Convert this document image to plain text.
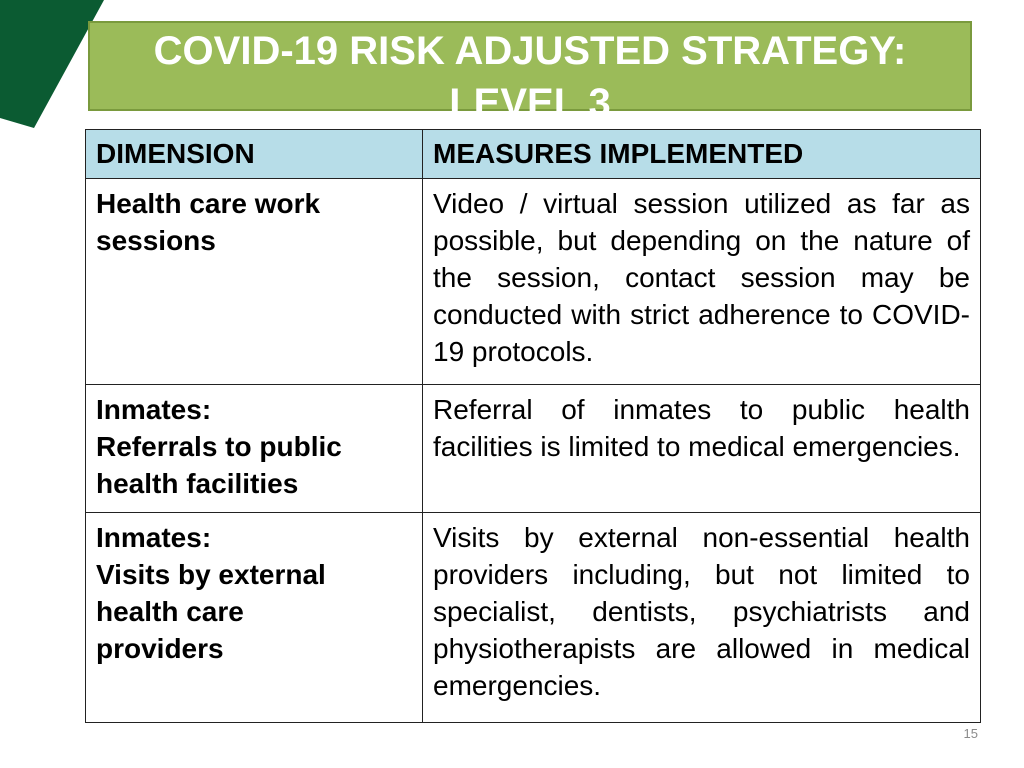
COVID-19 RISK ADJUSTED STRATEGY:
LEVEL 3
DIMENSION	MEASURES IMPLEMENTED
Health care work
sessions	Video / virtual session utilized as far as possible, but depending on the nature of the session, contact session may be conducted with strict adherence to COVID-19 protocols.
Inmates:
Referrals to public
health facilities	Referral of inmates to public health facilities is limited to medical emergencies.
Inmates:
Visits by external
health care
providers	Visits by external non-essential health providers including, but not limited to specialist, dentists, psychiatrists and physiotherapists are allowed in medical emergencies.
15
